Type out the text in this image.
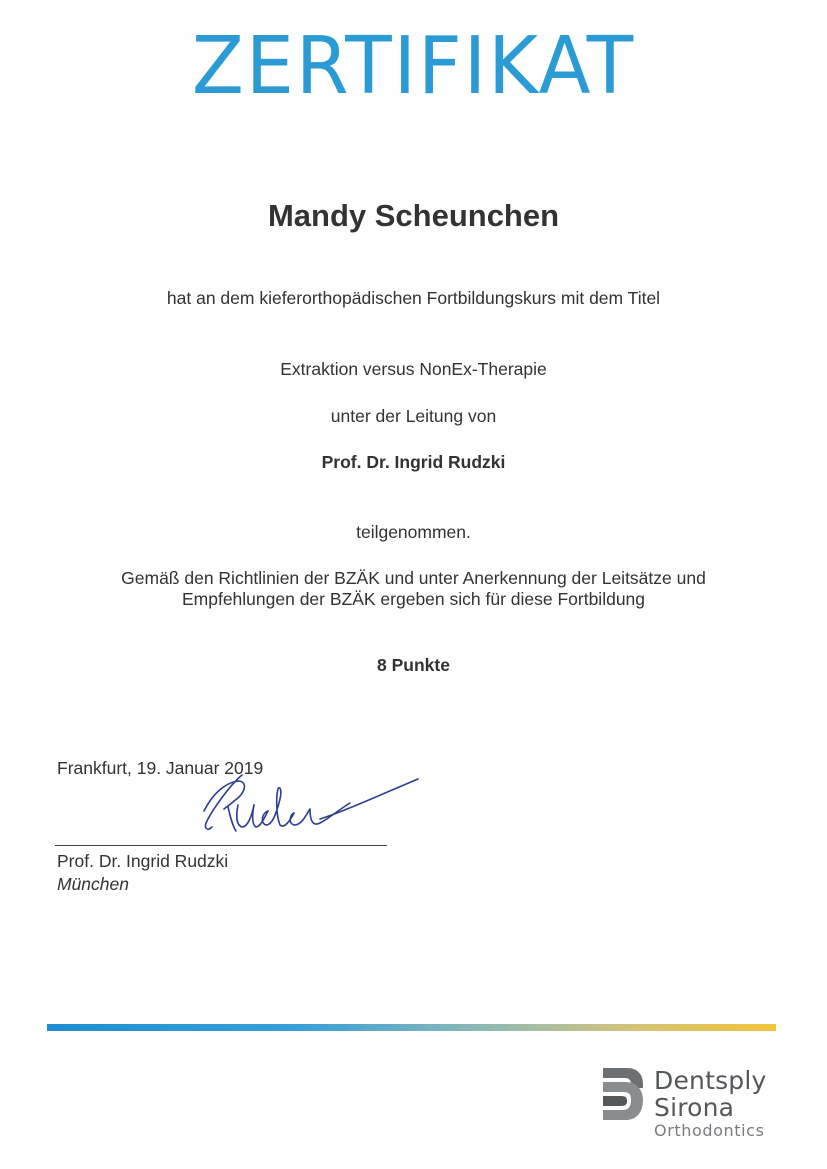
ZERTIFIKAT
Mandy Scheunchen
hat an dem kieferorthopädischen Fortbildungskurs mit dem Titel
Extraktion versus NonEx-Therapie
unter der Leitung von
Prof. Dr. Ingrid Rudzki
teilgenommen.
Gemäß den Richtlinien der BZÄK und unter Anerkennung der Leitsätze und
Empfehlungen der BZÄK ergeben sich für diese Fortbildung
8 Punkte
Frankfurt, 19. Januar 2019
Prof. Dr. Ingrid Rudzki
München
Dentsply
Sirona
Orthodontics
